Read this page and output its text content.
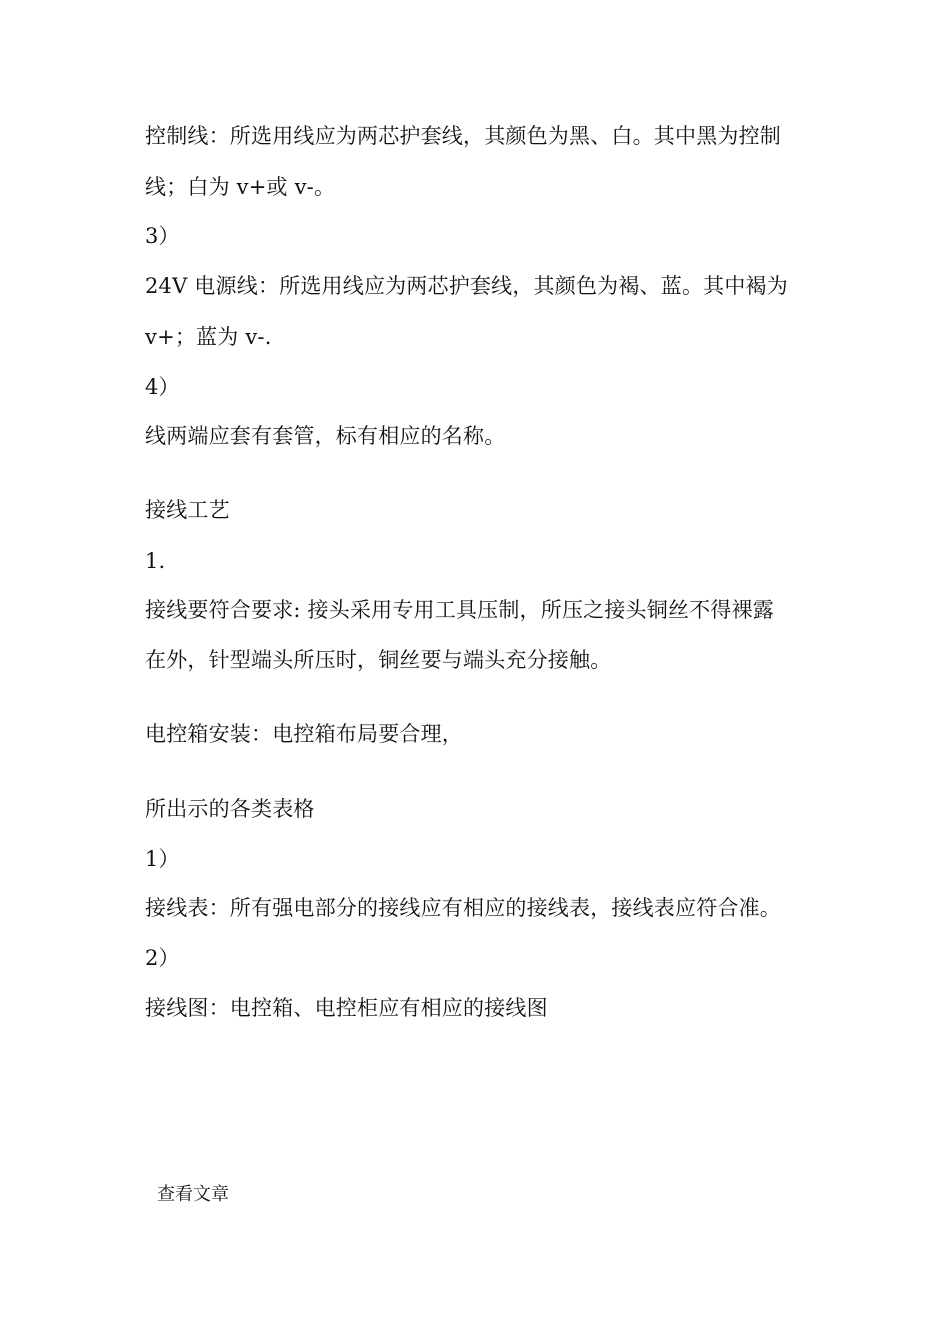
控制线：所选用线应为两芯护套线，其颜色为黑、白。其中黑为控制
线；白为 v+或 v-。
3）
24V 电源线：所选用线应为两芯护套线，其颜色为褐、蓝。其中褐为
v+；蓝为 v-.
4）
线两端应套有套管，标有相应的名称。
接线工艺
1.
接线要符合要求: 接头采用专用工具压制，所压之接头铜丝不得裸露
在外，针型端头所压时，铜丝要与端头充分接触。
电控箱安装：电控箱布局要合理，
所出示的各类表格
1）
接线表：所有强电部分的接线应有相应的接线表，接线表应符合准。
2）
接线图：电控箱、电控柜应有相应的接线图
查看文章
